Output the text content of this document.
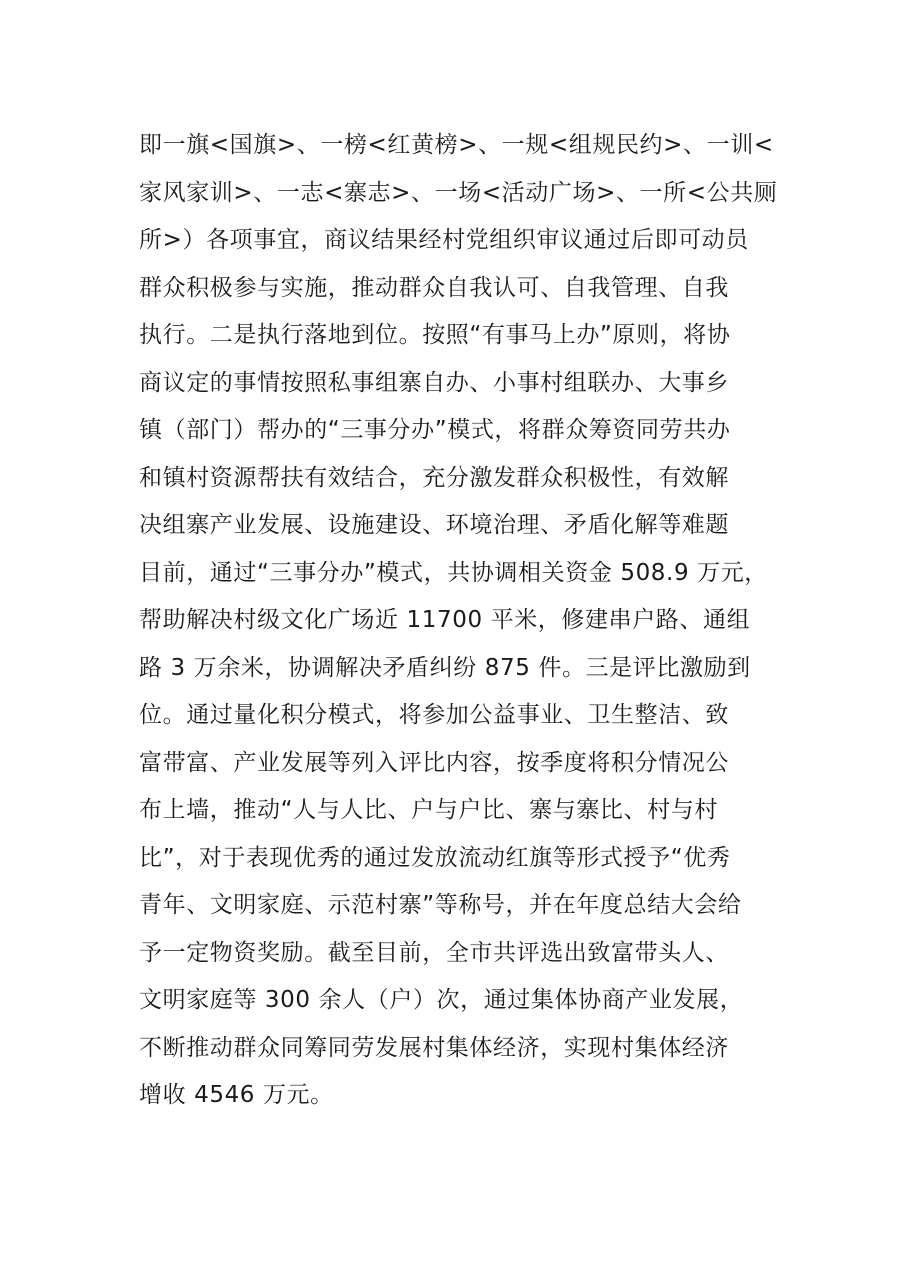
即一旗<国旗>、一榜<红黄榜>、一规<组规民约>、一训<
家风家训>、一志<寨志>、一场<活动广场>、一所<公共厕
所>）各项事宜，商议结果经村党组织审议通过后即可动员
群众积极参与实施，推动群众自我认可、自我管理、自我
执行。二是执行落地到位。按照“有事马上办”原则，将协
商议定的事情按照私事组寨自办、小事村组联办、大事乡
镇（部门）帮办的“三事分办”模式，将群众筹资同劳共办
和镇村资源帮扶有效结合，充分激发群众积极性，有效解
决组寨产业发展、设施建设、环境治理、矛盾化解等难题
目前，通过“三事分办”模式，共协调相关资金 508.9 万元，
帮助解决村级文化广场近 11700 平米，修建串户路、通组
路 3 万余米，协调解决矛盾纠纷 875 件。三是评比激励到
位。通过量化积分模式，将参加公益事业、卫生整洁、致
富带富、产业发展等列入评比内容，按季度将积分情况公
布上墙，推动“人与人比、户与户比、寨与寨比、村与村
比”，对于表现优秀的通过发放流动红旗等形式授予“优秀
青年、文明家庭、示范村寨”等称号，并在年度总结大会给
予一定物资奖励。截至目前，全市共评选出致富带头人、
文明家庭等 300 余人（户）次，通过集体协商产业发展，
不断推动群众同筹同劳发展村集体经济，实现村集体经济
增收 4546 万元。
